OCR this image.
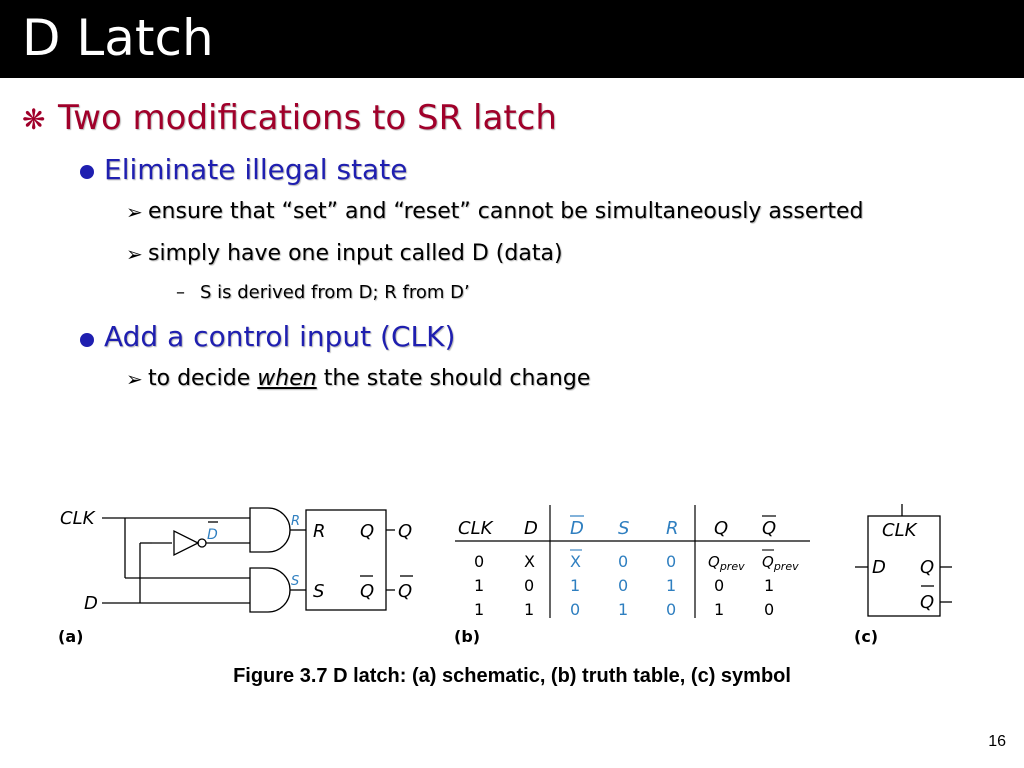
D Latch
❋ Two modifications to SR latch
Eliminate illegal state
➢ ensure that “set” and “reset” cannot be simultaneously asserted
➢ simply have one input called D (data)
– S is derived from D; R from D’
Add a control input (CLK)
➢ to decide when the state should change
CLK
D
D
R
S
R
S
Q
Q
Q
Q
(a)
CLK D D S R Q Q
0 X X 0 0 $Q_{prev}$ $Q_{prev}$
1 0 1 0 1 0 1
1 1 0 1 0 1 0
(b)
CLK
D Q
Q
(c)
Figure 3.7 D latch: (a) schematic, (b) truth table, (c) symbol
16
